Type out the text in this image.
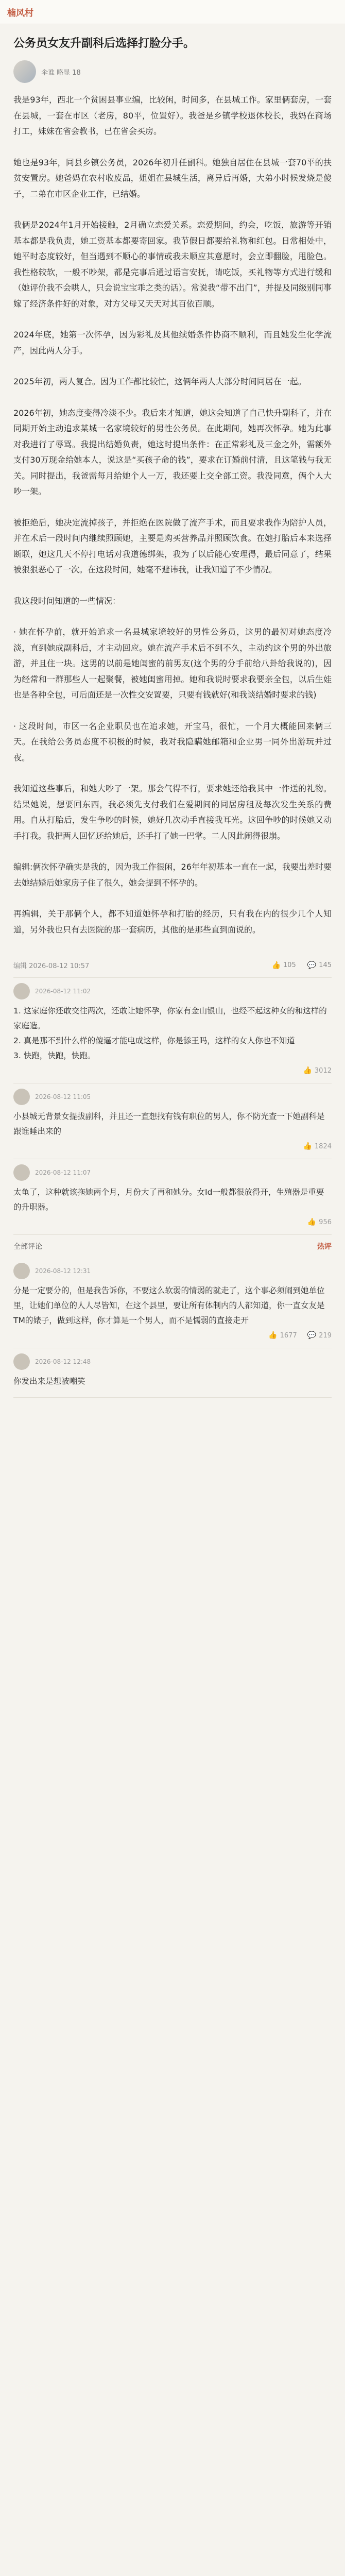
楠风村
公务员女友升副科后选择打脸分手。
伞谁 略显 18

我是93年，西北一个贫困县事业编，比较闲，时间多，在县城工作。家里俩套房，一套在县城，一套在市区（老房，80平，位置好）。我爸是乡镇学校退休校长，我妈在商场打工，妹妹在省会教书，已在省会买房。

她也是93年，同县乡镇公务员，2026年初升任副科。她独自居住在县城一套70平的扶贫安置房。她爸妈在农村收废品，姐姐在县城生活，离异后再婚，大弟小时候发烧是傻子，二弟在市区企业工作，已结婚。

我俩是2024年1月开始接触，2月确立恋爱关系。恋爱期间，约会，吃饭，旅游等开销基本都是我负责，她工资基本都要寄回家。我节假日都要给礼物和红包。日常相处中，她平时态度较好，但当遇到不顺心的事情或我未顺应其意愿时，会立即翻脸，甩脸色。我性格较软，一般不吵架，都是完事后通过语言安抚，请吃饭，买礼物等方式进行缓和（她评价我不会哄人，只会说宝宝乖之类的话）。常说我“带不出门”，并提及同级别同事嫁了经济条件好的对象，对方父母又天天对其百依百顺。

2024年底，她第一次怀孕，因为彩礼及其他续婚条件协商不顺利，而且她发生化学流产，因此两人分手。

2025年初，两人复合。因为工作都比较忙，这俩年两人大部分时间同居在一起。

2026年初，她态度变得冷淡不少。我后来才知道，她这会知道了自己快升副科了，并在同期开始主动追求某城一名家境较好的男性公务员。在此期间，她再次怀孕。她为此事对我进行了辱骂。我提出结婚负责，她这时提出条件：在正常彩礼及三金之外，需额外支付30万现金给她本人，说这是“买孩子命的钱”，要求在订婚前付清，且这笔钱与我无关。同时提出，我爸需每月给她个人一万，我还要上交全部工资。我没同意，俩个人大吵一架。

被拒绝后，她决定流掉孩子，并拒绝在医院做了流产手术，而且要求我作为陪护人员，并在术后一段时间内继续照顾她，主要是购买营养品并照顾饮食。在她打胎后本来选择断联，她这几天不停打电话对我道德绑架，我为了以后能心安理得，最后同意了，结果被狠狠恶心了一次。在这段时间，她毫不避讳我，让我知道了不少情况。

我这段时间知道的一些情况：

· 她在怀孕前，就开始追求一名县城家境较好的男性公务员，这男的最初对她态度冷淡，直到她成副科后，才主动回应。她在流产手术后不到不久，主动约这个男的外出旅游，并且住一块。这男的以前是她闺蜜的前男友(这个男的分手前给八卦给我说的)，因为经常和一群那些人一起聚餐，被她闺蜜用掉。她和我说时要求我要亲全包，以后生娃也是各种全包，可后面还是一次性交安置要，只要有钱就好(和我谈结婚时要求的钱)

· 这段时间，市区一名企业职员也在追求她，开宝马，很忙，一个月大概能回来俩三天。在我给公务员态度不积极的时候，我对我隐瞒她邮箱和企业男一同外出游玩并过夜。

我知道这些事后，和她大吵了一架。那会气得不行，要求她还给我其中一件送的礼物。结果她说，想要回东西，我必须先支付我们在爱期间的同居房租及每次发生关系的费用。自从打胎后，发生争吵的时候，她好几次动手直接我耳光。这回争吵的时候她又动手打我。我把两人回忆还给她后，还手打了她一巴掌。二人因此闹得很崩。

编辑:俩次怀孕确实是我的，因为我工作很闲，26年年初基本一直在一起，我要出差时要去她结婚后她家房子住了很久，她会提到不怀孕的。

再编辑，关于那俩个人，都不知道她怀孕和打胎的经历，只有我在内的很少几个人知道，另外我也只有去医院的那一套病历，其他的是那些直到面说的。

编辑 2026-08-12 10:57	👍 105 💬 145
2026-08-12 11:02
1. 这家庭你还敢交往两次，还敢让她怀孕，你家有金山银山，也经不起这种女的和这样的家庭造。
2. 真是那不到什么样的傻逼才能电成这样，你是舔王吗，这样的女人你也不知道
3. 快跑，快跑，快跑。
👍 3012
2026-08-12 11:05
小县城无背景女提拔副科，并且还一直想找有钱有职位的男人，你不防光查一下她副科是跟谁睡出来的
👍 1824
2026-08-12 11:07
太龟了，这种就该拖她两个月，月份大了再和她分。女Id一般都很放得开，生殖器是重要的升职器。
👍 956
全部评论	热评
2026-08-12 12:31
分是一定要分的，但是我告诉你，不要这么软弱的情弱的就走了，这个事必须闹到她单位里，让她们单位的人人尽皆知，在这个县里，要让所有体制内的人都知道，你一直女友是TM的婊子，做到这样，你才算是一个男人，而不是懦弱的直接走开
👍 1677 💬 219
2026-08-12 12:48
你发出来是想被嘲笑
